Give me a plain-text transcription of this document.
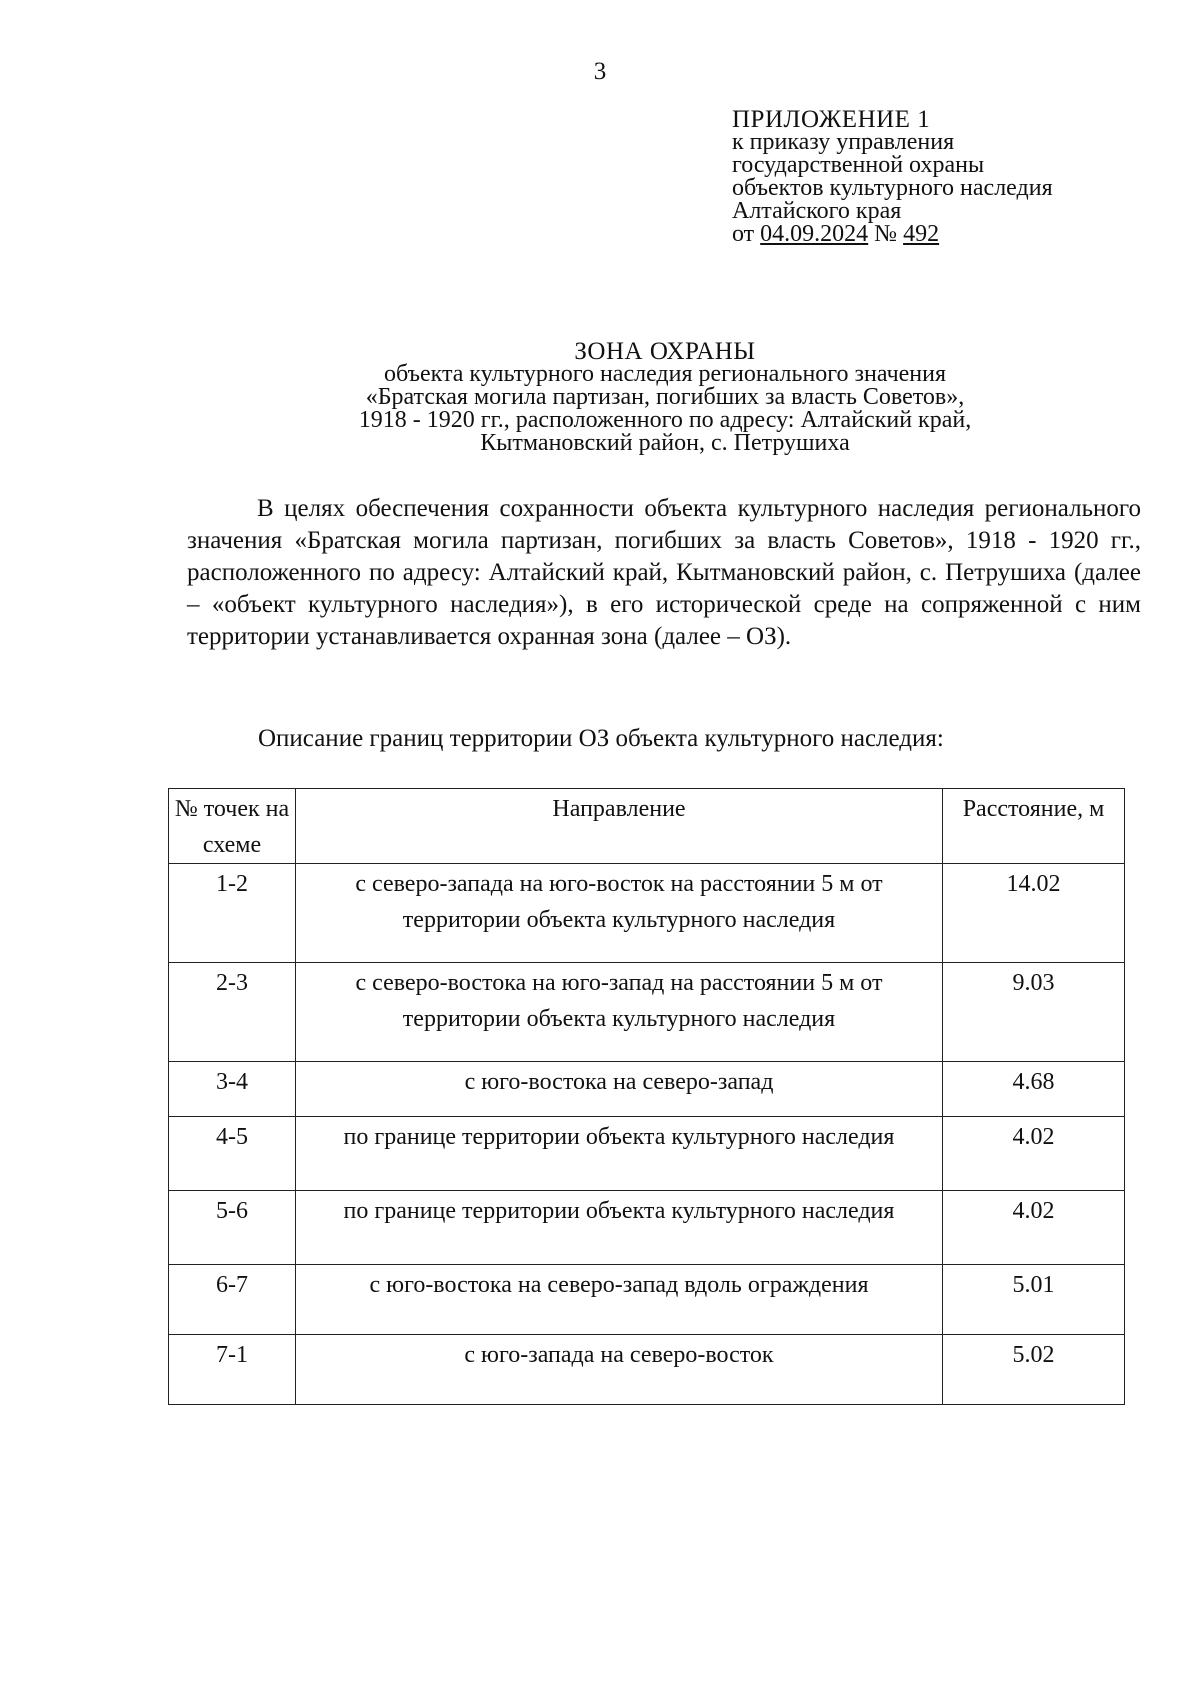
3
ПРИЛОЖЕНИЕ 1
к приказу управления
государственной охраны
объектов культурного наследия
Алтайского края
от 04.09.2024 № 492
ЗОНА ОХРАНЫ
объекта культурного наследия регионального значения
«Братская могила партизан, погибших за власть Советов»,
1918 - 1920 гг., расположенного по адресу: Алтайский край,
Кытмановский район, с. Петрушиха
В целях обеспечения сохранности объекта культурного наследия регионального значения «Братская могила партизан, погибших за власть Советов», 1918 - 1920 гг., расположенного по адресу: Алтайский край, Кытмановский район, с. Петрушиха (далее – «объект культурного наследия»), в его исторической среде на сопряженной с ним территории устанавливается охранная зона (далее – ОЗ).
Описание границ территории ОЗ объекта культурного наследия:
№ точек на схеме	Направление	Расстояние, м
1-2	с северо-запада на юго-восток на расстоянии 5 м от территории объекта культурного наследия	14.02
2-3	с северо-востока на юго-запад на расстоянии 5 м от территории объекта культурного наследия	9.03
3-4	с юго-востока на северо-запад	4.68
4-5	по границе территории объекта культурного наследия	4.02
5-6	по границе территории объекта культурного наследия	4.02
6-7	с юго-востока на северо-запад вдоль ограждения	5.01
7-1	с юго-запада на северо-восток	5.02
